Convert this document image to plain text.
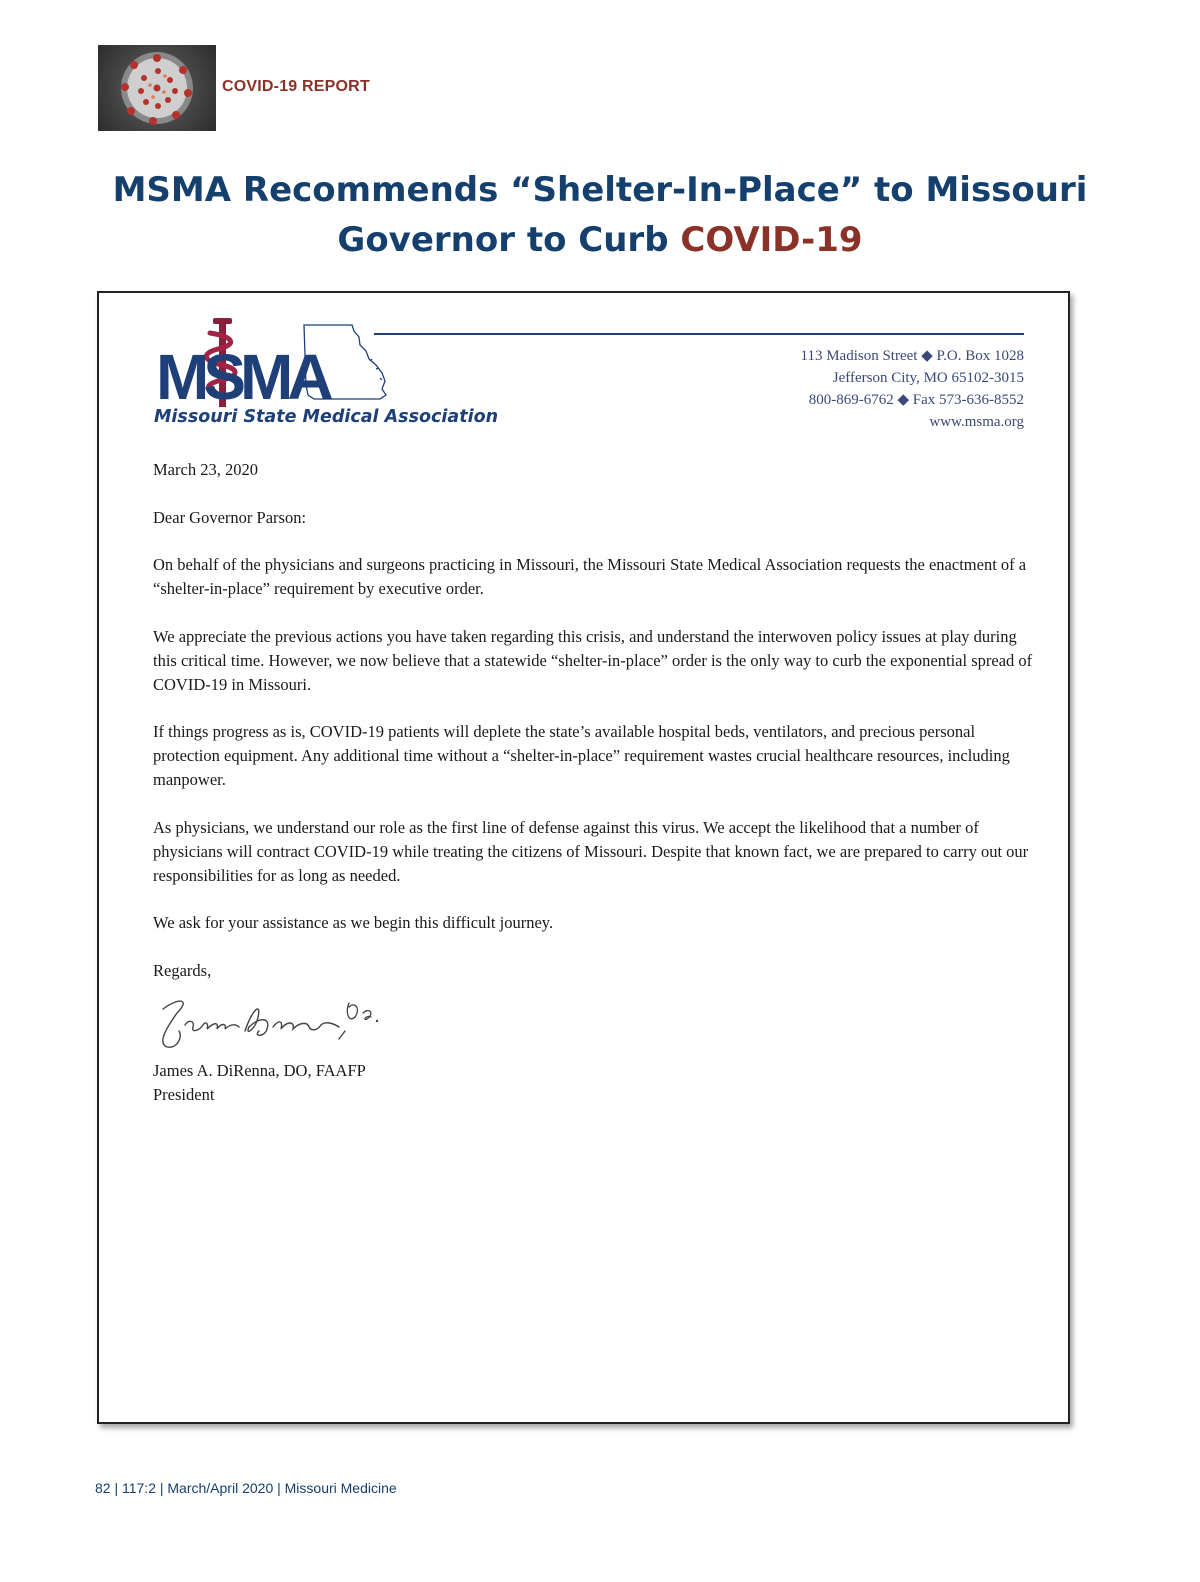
COVID-19 REPORT
MSMA Recommends “Shelter-In-Place” to Missouri
Governor to Curb COVID-19
MSMA
Missouri State Medical Association
113 Madison Street ◆ P.O. Box 1028
Jefferson City, MO 65102-3015
800-869-6762 ◆ Fax 573-636-8552
www.msma.org

March 23, 2020

Dear Governor Parson:

On behalf of the physicians and surgeons practicing in Missouri, the Missouri State Medical Association requests the enactment of a “shelter-in-place” requirement by executive order.

We appreciate the previous actions you have taken regarding this crisis, and understand the interwoven policy issues at play during this critical time. However, we now believe that a statewide “shelter-in-place” order is the only way to curb the exponential spread of COVID-19 in Missouri.

If things progress as is, COVID-19 patients will deplete the state’s available hospital beds, ventilators, and precious personal protection equipment. Any additional time without a “shelter-in-place” requirement wastes crucial healthcare resources, including manpower.

As physicians, we understand our role as the first line of defense against this virus. We accept the likelihood that a number of physicians will contract COVID-19 while treating the citizens of Missouri. Despite that known fact, we are prepared to carry out our responsibilities for as long as needed.

We ask for your assistance as we begin this difficult journey.

Regards,

James A. DiRenna, DO, FAAFP

President

82 | 117:2 | March/April 2020 | Missouri Medicine
